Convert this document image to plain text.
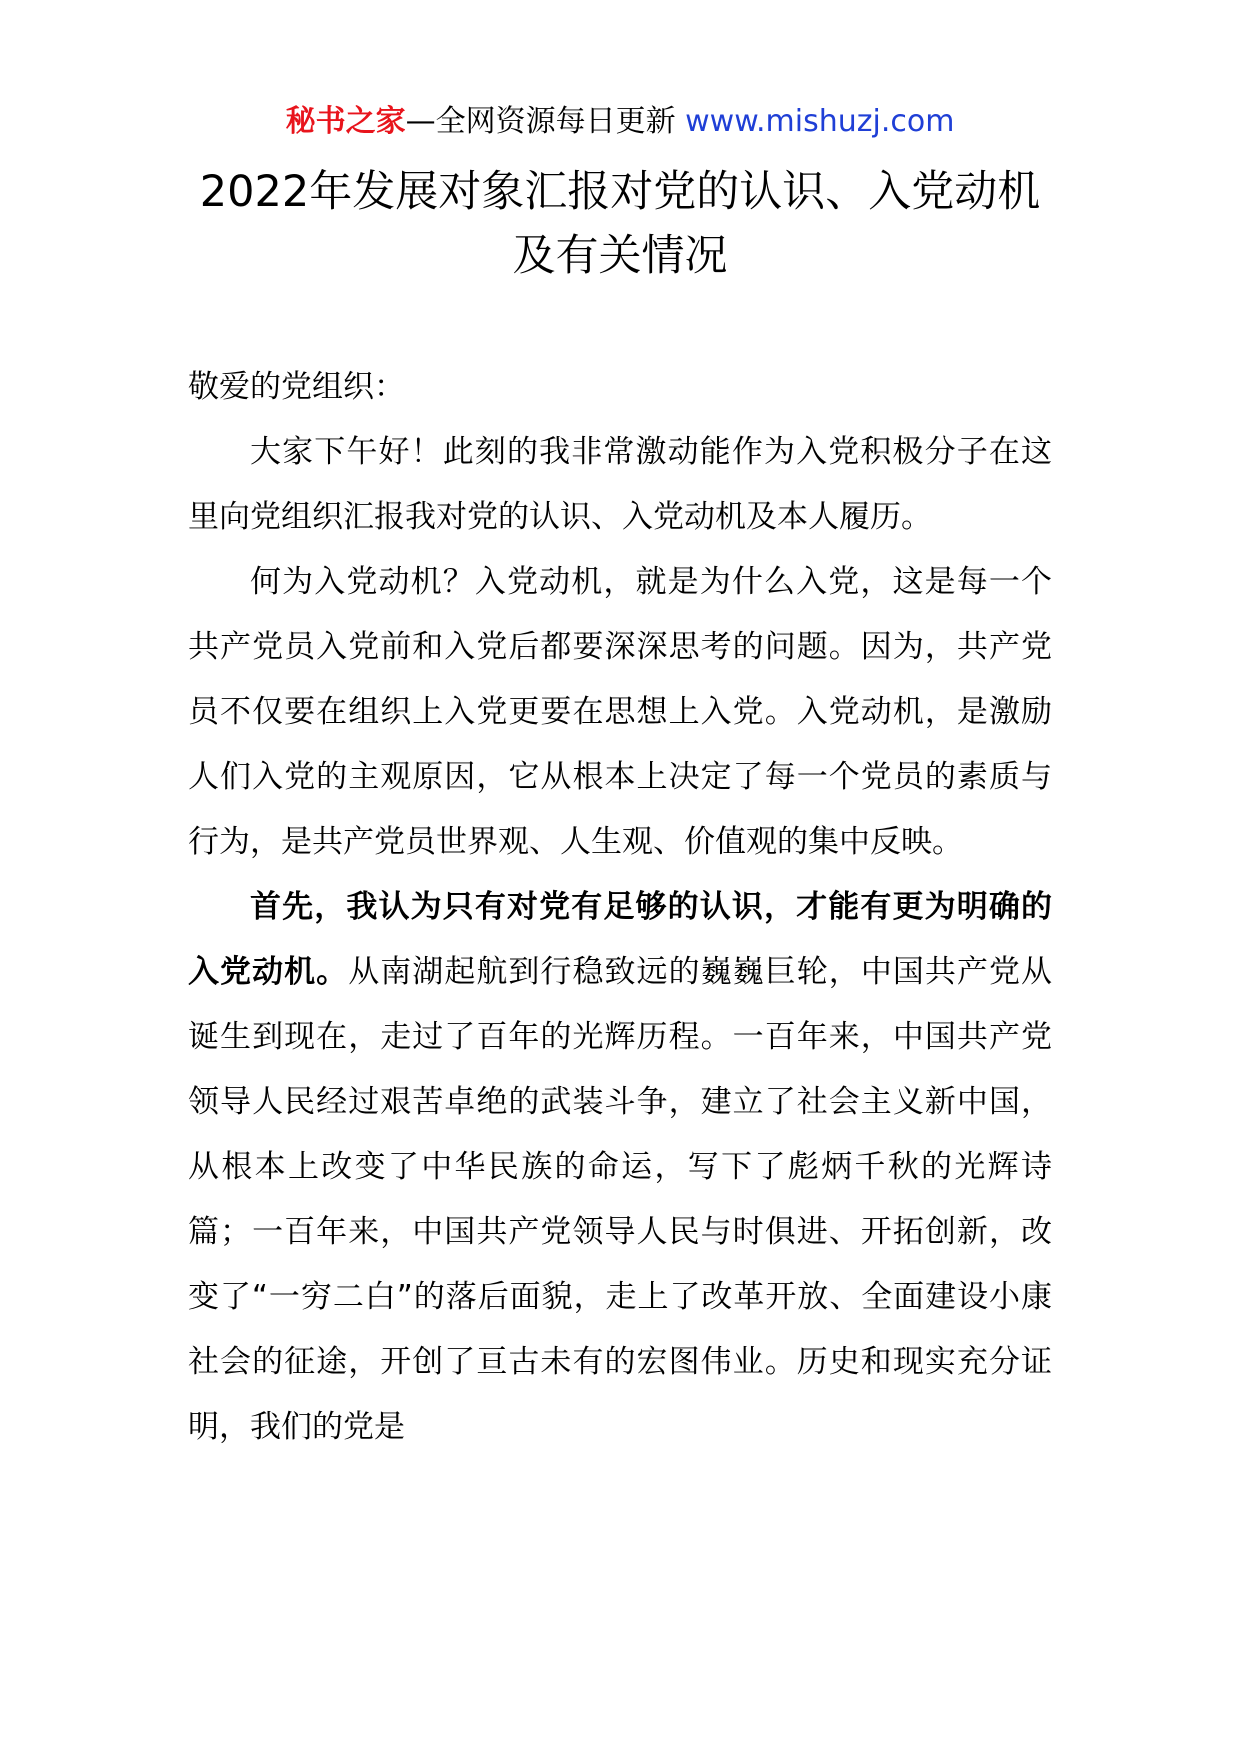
秘书之家—全网资源每日更新 www.mishuzj.com
2022年发展对象汇报对党的认识、入党动机及有关情况

敬爱的党组织：

大家下午好！此刻的我非常激动能作为入党积极分子在这里向党组织汇报我对党的认识、入党动机及本人履历。

何为入党动机？入党动机，就是为什么入党，这是每一个共产党员入党前和入党后都要深深思考的问题。因为，共产党员不仅要在组织上入党更要在思想上入党。入党动机，是激励人们入党的主观原因，它从根本上决定了每一个党员的素质与行为，是共产党员世界观、人生观、价值观的集中反映。

首先，我认为只有对党有足够的认识，才能有更为明确的入党动机。从南湖起航到行稳致远的巍巍巨轮，中国共产党从诞生到现在，走过了百年的光辉历程。一百年来，中国共产党领导人民经过艰苦卓绝的武装斗争，建立了社会主义新中国，从根本上改变了中华民族的命运，写下了彪炳千秋的光辉诗篇；一百年来，中国共产党领导人民与时俱进、开拓创新，改变了“一穷二白”的落后面貌，走上了改革开放、全面建设小康社会的征途，开创了亘古未有的宏图伟业。历史和现实充分证明，我们的党是
